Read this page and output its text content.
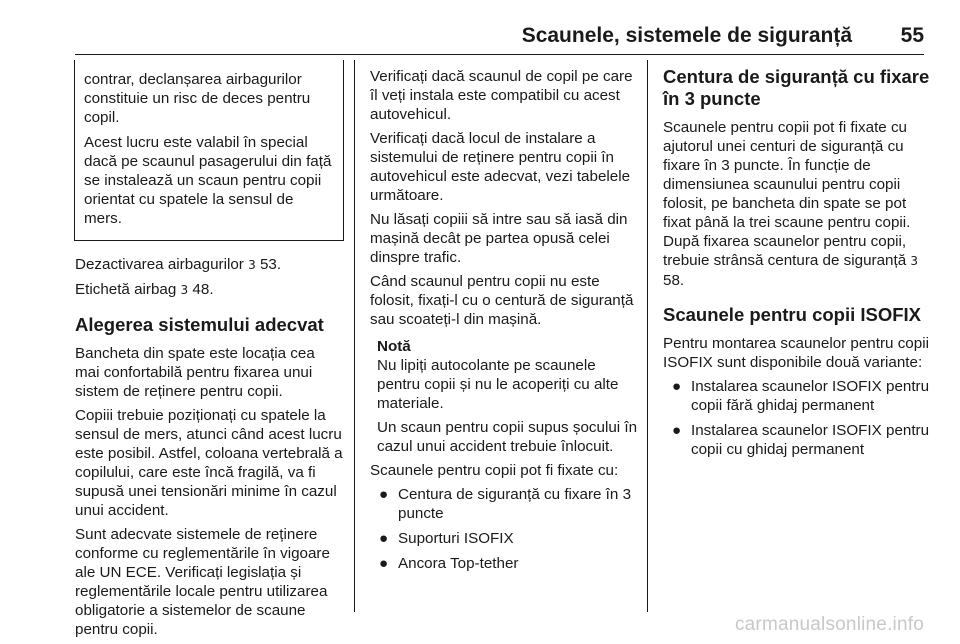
Scaunele, sistemele de siguranță 55

contrar, declanșarea airbagurilor constituie un risc de deces pentru copil.

Acest lucru este valabil în special dacă pe scaunul pasagerului din față se instalează un scaun pentru copii orientat cu spatele la sensul de mers.

Dezactivarea airbagurilor 3 53.

Etichetă airbag 3 48.

Alegerea sistemului adecvat

Bancheta din spate este locația cea mai confortabilă pentru fixarea unui sistem de reținere pentru copii.

Copiii trebuie poziționați cu spatele la sensul de mers, atunci când acest lucru este posibil. Astfel, coloana vertebrală a copilului, care este încă fragilă, va fi supusă unei tensionări minime în cazul unui accident.

Sunt adecvate sistemele de reținere conforme cu reglementările în vigoare ale UN ECE. Verificați legislația și reglementările locale pentru utilizarea obligatorie a sistemelor de scaune pentru copii.

Verificați dacă scaunul de copil pe care îl veți instala este compatibil cu acest autovehicul.

Verificați dacă locul de instalare a sistemului de reținere pentru copii în autovehicul este adecvat, vezi tabelele următoare.

Nu lăsați copiii să intre sau să iasă din mașină decât pe partea opusă celei dinspre trafic.

Când scaunul pentru copii nu este folosit, fixați-l cu o centură de siguranță sau scoateți-l din mașină.

Notă

Nu lipiți autocolante pe scaunele pentru copii și nu le acoperiți cu alte materiale.

Un scaun pentru copii supus șocului în cazul unui accident trebuie înlocuit.

Scaunele pentru copii pot fi fixate cu:

● Centura de siguranță cu fixare în 3 puncte
● Suporturi ISOFIX
● Ancora Top-tether
Centura de siguranță cu fixare în 3 puncte

Scaunele pentru copii pot fi fixate cu ajutorul unei centuri de siguranță cu fixare în 3 puncte. În funcție de dimensiunea scaunului pentru copii folosit, pe bancheta din spate se pot fixat până la trei scaune pentru copii. După fixarea scaunelor pentru copii, trebuie strânsă centura de siguranță 3 58.

Scaunele pentru copii ISOFIX

Pentru montarea scaunelor pentru copii ISOFIX sunt disponibile două variante:

● Instalarea scaunelor ISOFIX pentru copii fără ghidaj permanent
● Instalarea scaunelor ISOFIX pentru copii cu ghidaj permanent
carmanualsonline.info
